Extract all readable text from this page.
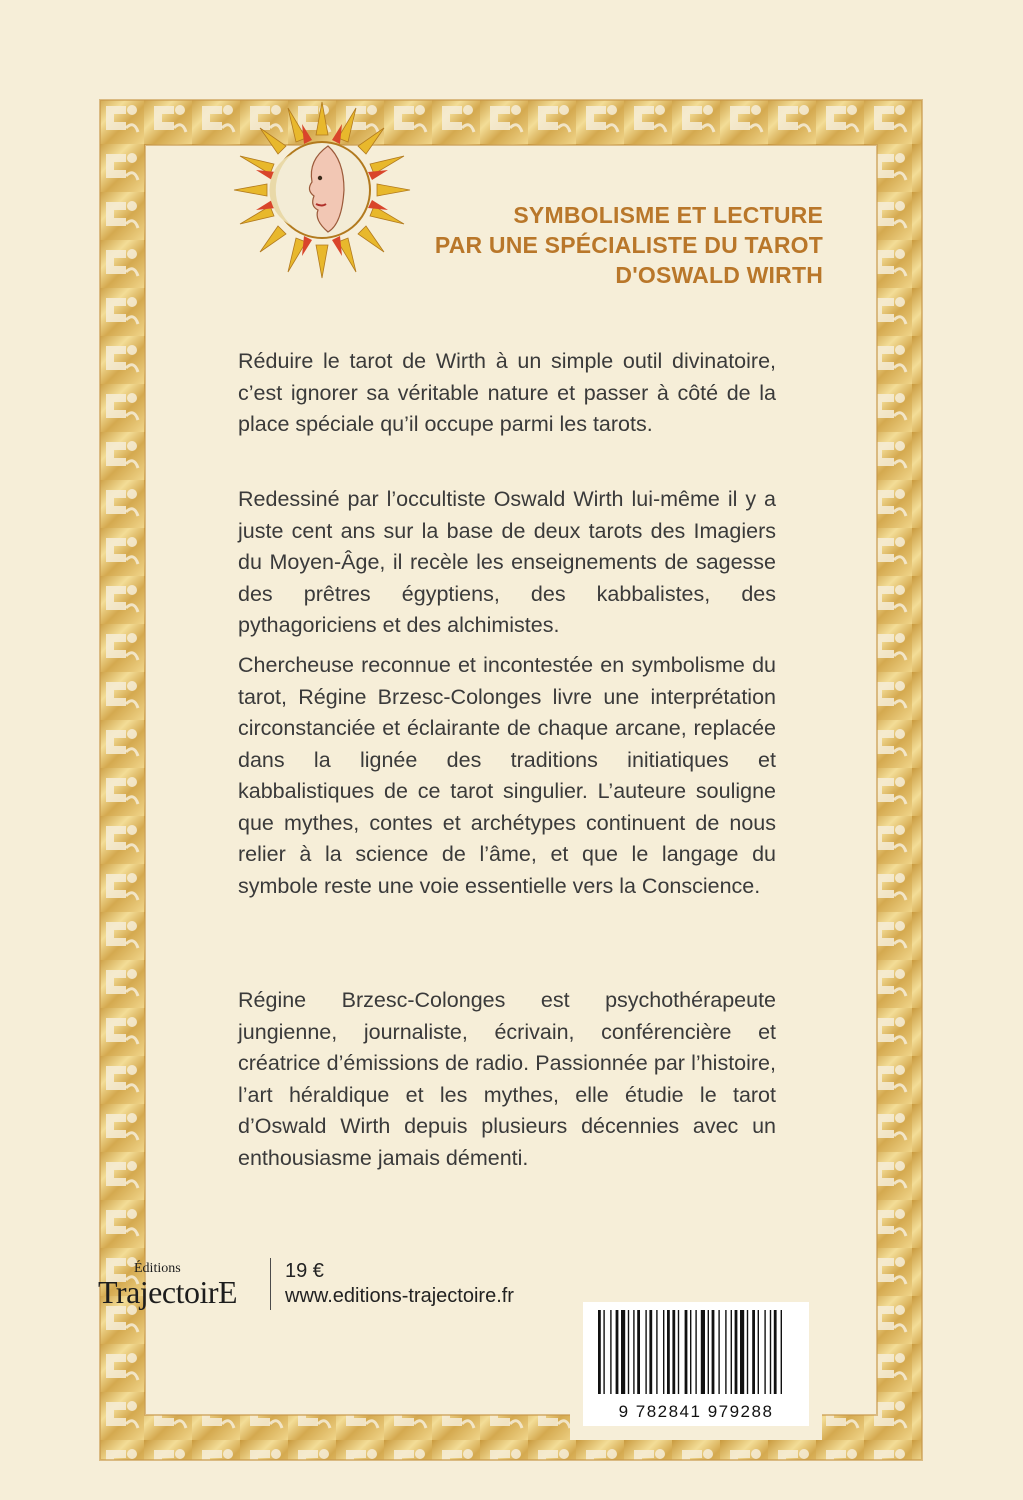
SYMBOLISME ET LECTURE
PAR UNE SPÉCIALISTE DU TAROT
D'OSWALD WIRTH

Réduire le tarot de Wirth à un simple outil divinatoire, c’est ignorer sa véritable nature et passer à côté de la place spéciale qu’il occupe parmi les tarots.

Redessiné par l’occultiste Oswald Wirth lui-même il y a juste cent ans sur la base de deux tarots des Imagiers du Moyen-Âge, il recèle les enseignements de sagesse des prêtres égyptiens, des kabbalistes, des pythagoriciens et des alchimistes.

Chercheuse reconnue et incontestée en symbolisme du tarot, Régine Brzesc-Colonges livre une interprétation circonstanciée et éclairante de chaque arcane, replacée dans la lignée des traditions initiatiques et kabbalistiques de ce tarot singulier. L’auteure souligne que mythes, contes et archétypes continuent de nous relier à la science de l’âme, et que le langage du symbole reste une voie essentielle vers la Conscience.

Régine Brzesc-Colonges est psychothérapeute jungienne, journaliste, écrivain, conférencière et créatrice d’émissions de radio. Passionnée par l’histoire, l’art héraldique et les mythes, elle étudie le tarot d’Oswald Wirth depuis plusieurs décennies avec un enthousiasme jamais démenti.
Éditions
TrajectoirE
19 €
www.editions-trajectoire.fr
9 782841 979288
